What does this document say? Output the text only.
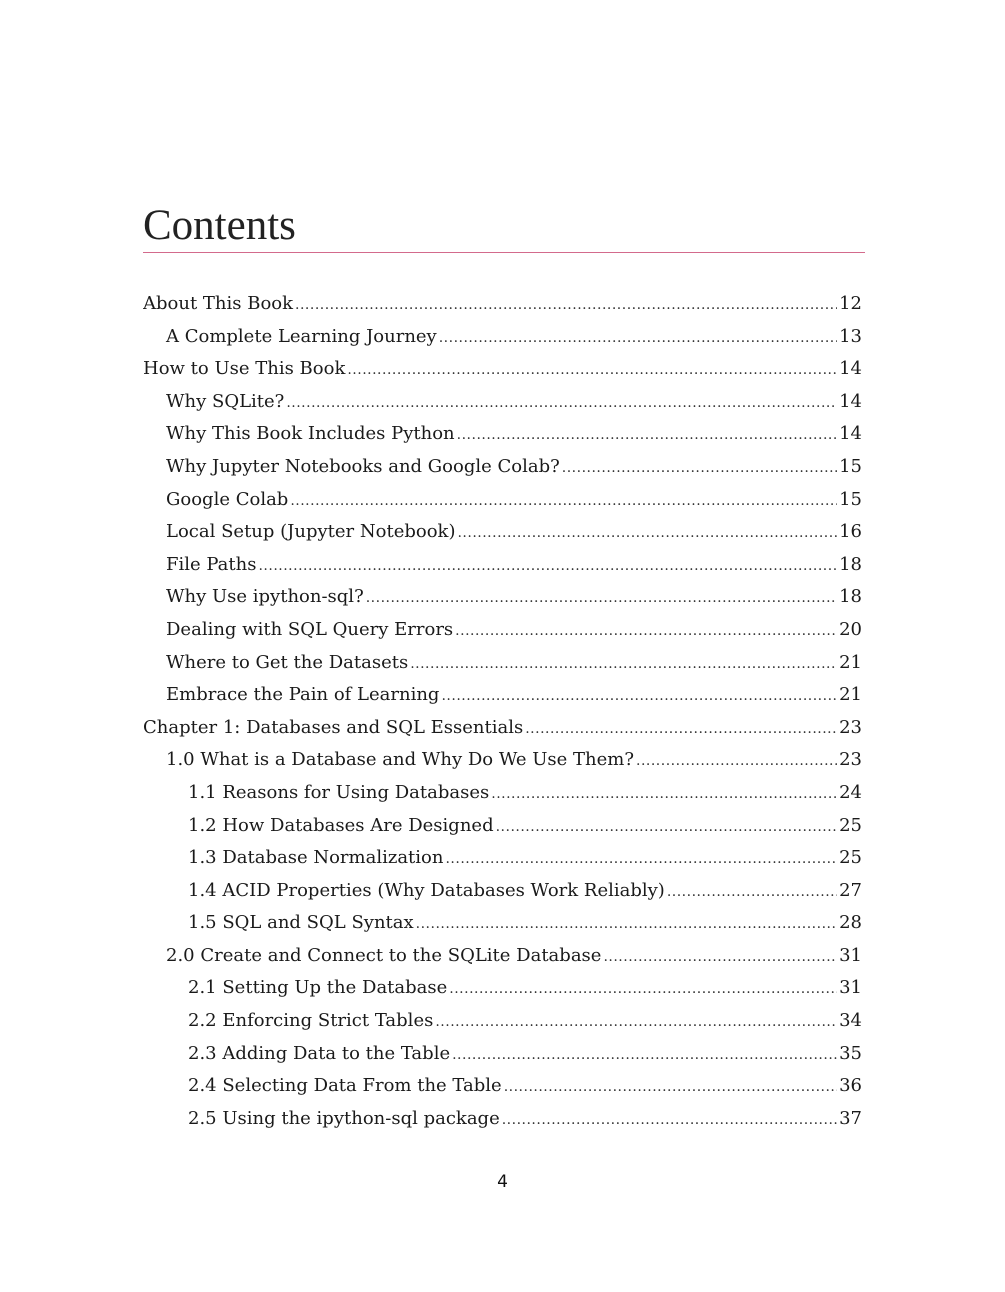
Contents
About This Book .....	12
A Complete Learning Journey .....	13
How to Use This Book .....	14
Why SQLite? .....	14
Why This Book Includes Python .....	14
Why Jupyter Notebooks and Google Colab? .....	15
Google Colab .....	15
Local Setup (Jupyter Notebook) .....	16
File Paths .....	18
Why Use ipython-sql? .....	18
Dealing with SQL Query Errors .....	20
Where to Get the Datasets .....	21
Embrace the Pain of Learning .....	21
Chapter 1: Databases and SQL Essentials .....	23
1.0 What is a Database and Why Do We Use Them? .....	23
1.1 Reasons for Using Databases .....	24
1.2 How Databases Are Designed .....	25
1.3 Database Normalization .....	25
1.4 ACID Properties (Why Databases Work Reliably) .....	27
1.5 SQL and SQL Syntax .....	28
2.0 Create and Connect to the SQLite Database .....	31
2.1 Setting Up the Database .....	31
2.2 Enforcing Strict Tables .....	34
2.3 Adding Data to the Table .....	35
2.4 Selecting Data From the Table .....	36
2.5 Using the ipython-sql package .....	37
4
